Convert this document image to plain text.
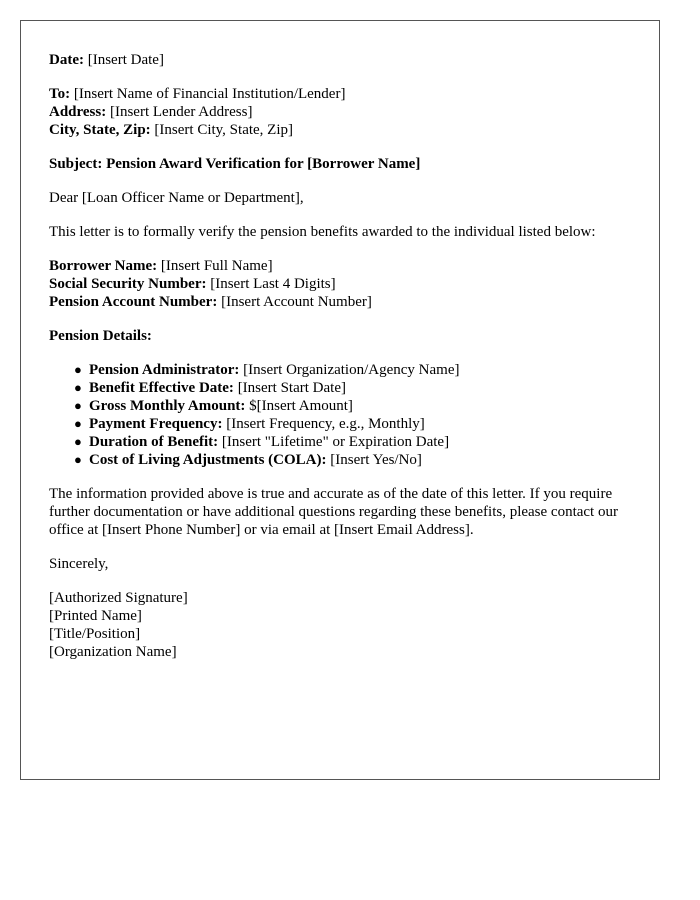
Date: [Insert Date]

To: [Insert Name of Financial Institution/Lender]

Address: [Insert Lender Address]

City, State, Zip: [Insert City, State, Zip]

Subject: Pension Award Verification for [Borrower Name]

Dear [Loan Officer Name or Department],

This letter is to formally verify the pension benefits awarded to the individual listed below:

Borrower Name: [Insert Full Name]

Social Security Number: [Insert Last 4 Digits]

Pension Account Number: [Insert Account Number]

Pension Details:

● Pension Administrator: [Insert Organization/Agency Name]
● Benefit Effective Date: [Insert Start Date]
● Gross Monthly Amount: $[Insert Amount]
● Payment Frequency: [Insert Frequency, e.g., Monthly]
● Duration of Benefit: [Insert "Lifetime" or Expiration Date]
● Cost of Living Adjustments (COLA): [Insert Yes/No]

The information provided above is true and accurate as of the date of this letter. If you require further documentation or have additional questions regarding these benefits, please contact our office at [Insert Phone Number] or via email at [Insert Email Address].

Sincerely,

[Authorized Signature]

[Printed Name]

[Title/Position]

[Organization Name]
